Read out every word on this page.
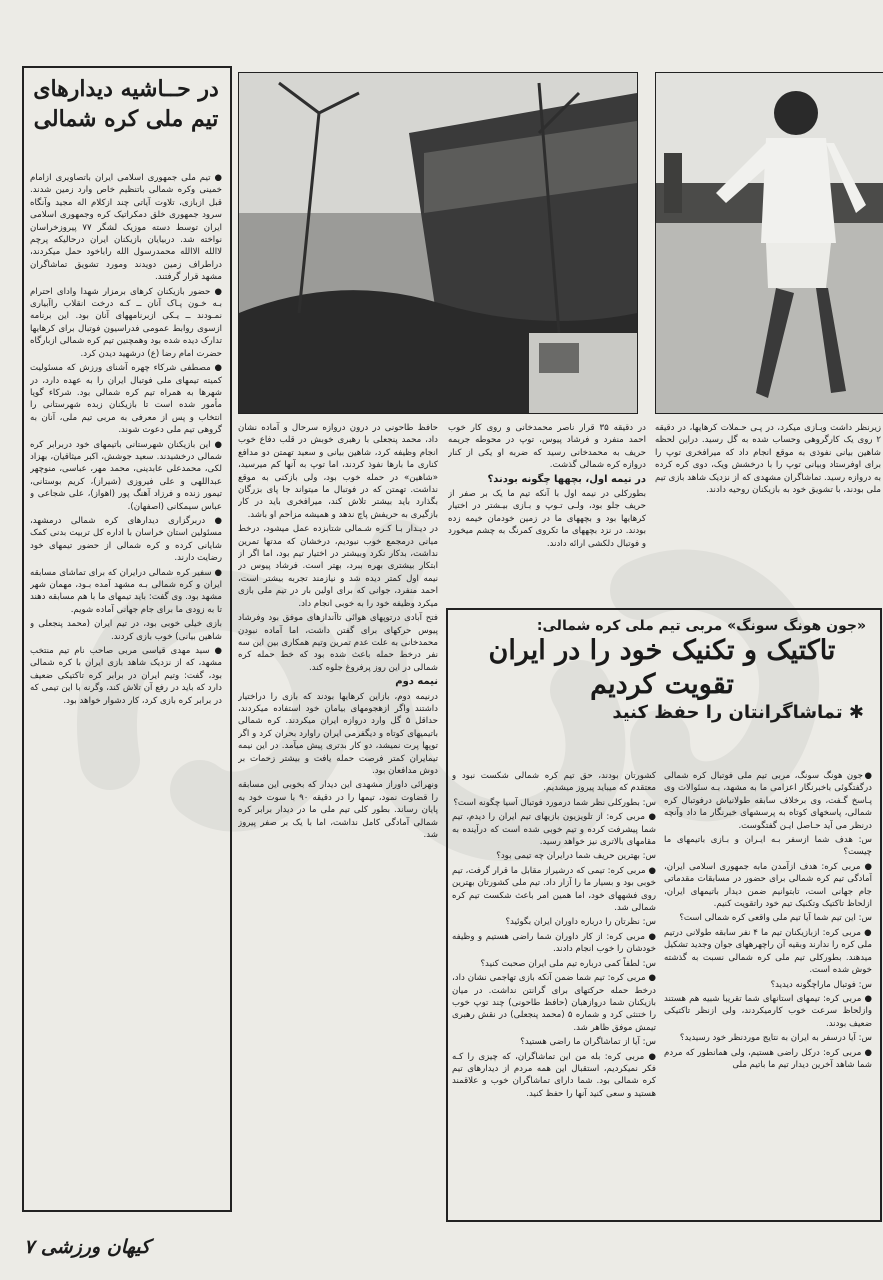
در حــاشیه دیدارهای تیم ملی کره شمالی

● تیم ملی جمهوری اسلامی ایران باتصاویری ازامام خمینی وکره شمالی باتنظیم خاص وارد زمین شدند. قبل ازبازی، تلاوت آیاتی چند ازکلام اله مجید وآنگاه سرود جمهوری خلق دمکراتیک کره وجمهوری اسلامی ایران توسط دسته موزیک لشگر ۷۷ پیروزخراسان نواخته شد. دربیایان بازیکنان ایران درحالیکه پرچم لاالله الاالله محمدرسول الله راباخود حمل میکردند، دراطراف زمین دویدند ومورد تشویق تماشاگران مشهد قرار گرفتند.

● حضور بازیکنان کرهای برمزار شهدا وادای احترام بـه خـون پـاک آنان ــ کـه درخت انقلاب راآبیاری نمـودند ــ یـکی ازبرنامههای آنان بود. این برنامه ازسوی روابط عمومی فدراسیون فوتبال برای کرهایها تدارک دیده شده بود وهمچنین تیم کره شمالی ازبارگاه حضرت امام رضا (ع) درشهید دیدن کرد.

● مصطفی شرکاء چهره آشنای ورزش که مسئولیت کمیته تیمهای ملی فوتبال ایران را به عهده دارد، در شهرها به همراه تیم کره شمالی بود. شرکاء گویا مأمور شده است تا بازیکنان زبده شهرستانی را انتخاب و پس از معرفی به مربی تیم ملی، آنان به گروهی تیم ملی دعوت شوند.

● این بازیکنان شهرستانی باتیمهای خود دربرابر کره شمالی درخشیدند. سعید جوشش، اکبر میثاقیان، بهزاد لکی، محمدعلی عابدینی، محمد مهر، عباسی، منوچهر عبداللهی و علی فیروزی (شیراز)، کریم بوستانی، تیمور زنده و فرزاد آهنگ پور (اهواز)، علی شجاعی و عباس سیمکانی (اصفهان).

● دربرگزاری دیدارهای کره شمالی درمشهد، مسئولین استان خراسان با اداره کل تربیت بدنی کمک شایانی کرده و کره شمالی از حضور تیمهای خود رضایت دارند.

● سفیر کره شمالی درایران که برای تماشای مسابقه ایران و کره شمالی بـه مشهد آمده بـود، مهمان شهر مشهد بود. وی گفت: باید تیمهای ما با هم مسابقه دهند تا به زودی ما برای جام جهانی آماده شویم.

بازی خیلی خوبی بود، در تیم ایران (محمد پنجعلی و شاهین بیانی) خوب بازی کردند.

● سید مهدی قیاسی مربی صاحب نام تیم منتخب مشهد، که از نزدیک شاهد بازی ایران با کره شمالی بود، گفت: وتیم ایران در برابر کره تاکتیکی ضعیف دارد که باید در رفع آن تلاش کند، وگرنه با این تیمی که در برابر کره بازی کرد، کار دشوار خواهد بود.

زیرنظر داشت وبـازی میکرد، در پـی حـملات کرهایها، در دقیقه ۲ روی یک کارگروهی وحساب شده به گل رسید. دراین لحظه شاهین بیانی نفوذی به موقع انجام داد که میرافخری توپ را برای اوفرستاد وبیانی توپ را با درخشش ویک، دوی کره کرده به دروازه رسید. تماشاگران مشهدی که از نزدیک شاهد بازی تیم ملی بودند، با تشویق خود به بازیکنان روحیه دادند.

در دقیقه ۳۵ قرار ناصر محمدخانی و روی کار خوب احمد منفرد و فرشاد پیوس، توپ در محوطه جریمه حریف به محمدخانی رسید که ضربه او یکی از کنار دروازه کره شمالی گذشت.

در نیمه اول، بچهها چگونه بودند؟

بطورکلی در نیمه اول با آنکه تیم ما یک بر صفر از حریف جلو بود، ولـی تـوپ و بـازی بیـشتر در اختیار کرهایها بود و بچههای ما در زمین خودمان خیمه زده بودند. در نزد بچههای ما تکروی کمرنگ به چشم میخورد و فوتبال دلکشی ارائه دادند.

حافظ طاحونی در درون دروازه سرحال و آماده نشان داد، محمد پنجعلی با رهبری خوبش در قلب دفاع خوب انجام وظیفه کرد، شاهین بیانی و سعید تهمتن دو مدافع کناری ما بارها نفوذ کردند، اما توپ به آنها کم میرسید، «شاهین» در حمله خوب بود، ولی بازکنی به موقع نداشت. تهمتن که در فوتبال ما میتواند جا پای بزرگان بگذارد باید بیشتر تلاش کند، میرافخری باید در کار بازگیری به حریفش پاچ ندهد و همیشه مزاحم او باشد.

در دیـدار بـا کـره شـمالی شتابزده عمل میشود، درخط میانی درمجمع خوب نبودیم، درخشان که مدتها تمرین نداشت، بدکار نکرد وبیشتر در اختیار تیم بود، اما اگر از ابتکار بیشتری بهره ببرد، بهتر است. فرشاد پیوس در نیمه اول کمتر دیده شد و نیازمند تجربه بیشتر است، احمد منفرد، جوانی که برای اولین بار در تیم ملی بازی میکرد وظیفه خود را به خوبی انجام داد.

فتح آبادی درتوپهای هوائی تاآندازهای موفق بود وفرشاد پیوس حرکهای برای گفتن داشت، اما آماده نبودن محمدخانی به علت عدم تمرین وتیم همکاری بین این سه نفر درخط حمله باعث شده بود که خط حمله کره شمالی در این روز پرفروغ جلوه کند.

نیمه دوم

درنیمه دوم، بازاین کرهایها بودند که بازی را دراختیار داشتند واگر ازهجومهای بیامان خود استفاده میکردند، حداقل ۵ گل وارد دروازه ایران میکردند. کره شمالی باتیمیهای کوتاه و دیگفرمی ایران راوارد بحران کرد و اگر توپها پرت نمیشد، دو کار بدتری پیش میآمد. در این نیمه تیمایران کمتر فرصت حمله یافت و بیشتر زحمات بر دوش مدافعان بود.

ونهرائی داوراز مشهدی این دیدار که بخوبی این مسابقه را قضاوت نمود، تیمها را در دقیقه ۹۰ با سوت خود به پایان رساند. بطور کلی تیم ملی ما در دیدار برابر کره شمالی آمادگی کامل نداشت، اما با یک بر صفر پیروز شد.

«جون هونگ سونگ» مربی تیم ملی کره شمالی:
تاکتیک و تکنیک خود را در ایران تقویت کردیم
✱ تماشاگرانتان را حفظ کنید

●جون هونگ سونگ، مربی تیم ملی فوتبال کره شمالی درگفتگوئی باخبرنگار اعزامی ما به مشهد، بـه سئوالات وی پـاسخ گـفت، وی برخلاف سابقه طولانیاش درفوتبال کره شمالی، پاسخهای کوتاه به پرسشهای خبرنگار ما داد وآنچه درنظر می آید حـاصل ایـن گفتگوست.

س: هدف شما ازسفر بـه ایـران و بـازی باتیمهای ما چیست؟

● مربی کره: هدف ازآمدن مابه جمهوری اسلامی ایران، آمادگی تیم کره شمالی برای حضور در مسابقات مقدماتی جام جهانی است، تابتوانیم ضمن دیدار باتیمهای ایران، ازلحاظ تاکتیک وتکنیک تیم خود راتقویت کنیم.

س: این تیم شما آیا تیم ملی واقعی کره شمالی است؟

● مربی کره: ازبازیکنان تیم ما ۴ نفر سابقه طولانی درتیم ملی کره را ندارند وبقیه آن راچهرههای جوان وجدید تشکیل میدهند. بطورکلی تیم ملی کره شمالی نسبت به گذشته خوش شده است.

س: فوتبال ماراچگونه دیدید؟

● مربی کره: تیمهای استانهای شما تقریبا شبیه هم هستند وازلحاظ سرعت خوب کارمیکردند، ولی ازنظر تاکتیکی ضعیف بودند.

س: آیا درسفر به ایران به نتایج موردنظر خود رسیدید؟

● مربی کره: درکل راضی هستیم، ولی همانطور که مردم شما شاهد آخرین دیدار تیم ما باتیم ملی

کشورتان بودند، حق تیم کره شمالی شکست نبود و معتقدم که میباید پیروز میشدیم.

س: بطورکلی نظر شما درمورد فوتبال آسیا چگونه است؟

● مربی کره: از تلویزیون بازیهای تیم ایران را دیدم، تیم شما پیشرفت کرده و تیم خوبی شده است که درآینده به مقامهای بالاتری نیز خواهد رسید.

س: بهترین حریف شما درایران چه تیمی بود؟

● مربی کره: تیمی که درشیراز مقابل ما قرار گرفت، تیم خوبی بود و بسیار ما را آزار داد. تیم ملی کشورتان بهترین روی فشههای خود، اما همین امر باعث شکست تیم کره شمالی شد.

س: نظرتان را درباره داوران ایران بگوئید؟

● مربی کره: از کار داوران شما راضی هستیم و وظیفه خودشان را خوب انجام دادند.

س: لطفاً کمی درباره تیم ملی ایران صحبت کنید؟

● مربی کره: تیم شما ضمن آنکه بازی تهاجمی نشان داد، درخط حمله حرکتهای برای گرانتن نداشت. در میان بازیکنان شما دروازهبان (حافظ طاحونی) چند توپ خوب را ختنثی کرد و شماره ۵ (محمد پنجعلی) در نقش رهبری تیمش موفق ظاهر شد.

س: آیا از تماشاگران ما راضی هستید؟

● مربی کره: بله من این تماشاگران، که چیزی را کـه فکر نمیکردیم، استقبال این همه مردم از دیدارهای تیم کره شمالی بود. شما دارای تماشاگران خوب و علاقمند هستید و سعی کنید آنها را حفظ کنید.

کیهان ورزشی ۷
